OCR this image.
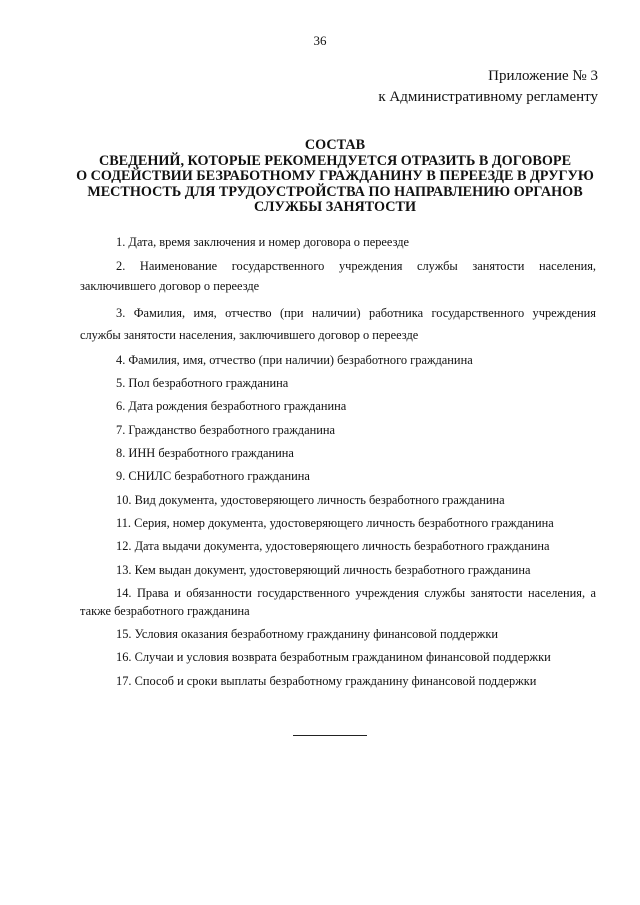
36
Приложение № 3
к Административному регламенту
СОСТАВ
СВЕДЕНИЙ, КОТОРЫЕ РЕКОМЕНДУЕТСЯ ОТРАЗИТЬ В ДОГОВОРЕ
О СОДЕЙСТВИИ БЕЗРАБОТНОМУ ГРАЖДАНИНУ В ПЕРЕЕЗДЕ В ДРУГУЮ
МЕСТНОСТЬ ДЛЯ ТРУДОУСТРОЙСТВА ПО НАПРАВЛЕНИЮ ОРГАНОВ
СЛУЖБЫ ЗАНЯТОСТИ
1. Дата, время заключения и номер договора о переезде
2. Наименование государственного учреждения службы занятости населения, заключившего договор о переезде
3. Фамилия, имя, отчество (при наличии) работника государственного учреждения службы занятости населения, заключившего договор о переезде
4. Фамилия, имя, отчество (при наличии) безработного гражданина
5. Пол безработного гражданина
6. Дата рождения безработного гражданина
7. Гражданство безработного гражданина
8. ИНН безработного гражданина
9. СНИЛС безработного гражданина
10. Вид документа, удостоверяющего личность безработного гражданина
11. Серия, номер документа, удостоверяющего личность безработного гражданина
12. Дата выдачи документа, удостоверяющего личность безработного гражданина
13. Кем выдан документ, удостоверяющий личность безработного гражданина
14. Права и обязанности государственного учреждения службы занятости населения, а также безработного гражданина
15. Условия оказания безработному гражданину финансовой поддержки
16. Случаи и условия возврата безработным гражданином финансовой поддержки
17. Способ и сроки выплаты безработному гражданину финансовой поддержки
